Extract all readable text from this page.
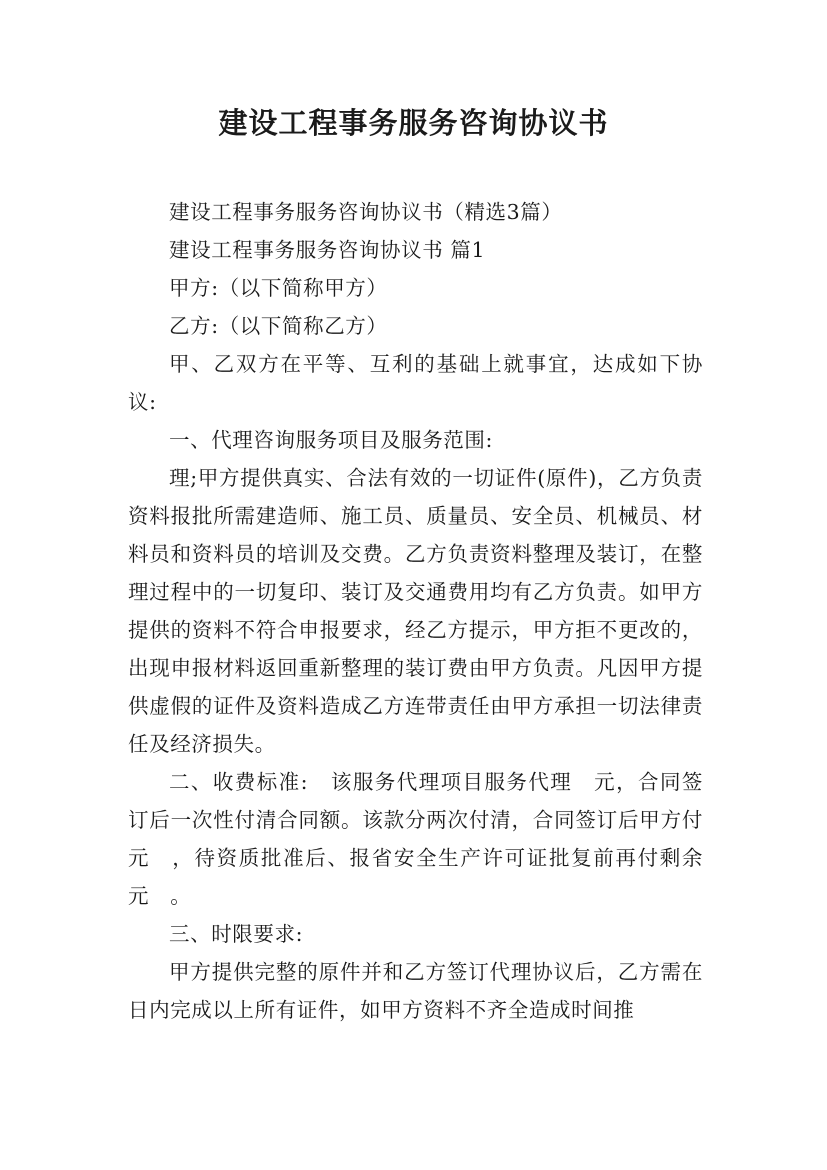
建设工程事务服务咨询协议书

建设工程事务服务咨询协议书（精选3篇）

建设工程事务服务咨询协议书 篇1

甲方:（以下简称甲方）

乙方:（以下简称乙方）

甲、乙双方在平等、互利的基础上就事宜，达成如下协议:

一、代理咨询服务项目及服务范围:

理;甲方提供真实、合法有效的一切证件(原件)，乙方负责资料报批所需建造师、施工员、质量员、安全员、机械员、材料员和资料员的培训及交费。乙方负责资料整理及装订，在整理过程中的一切复印、装订及交通费用均有乙方负责。如甲方提供的资料不符合申报要求，经乙方提示，甲方拒不更改的，出现申报材料返回重新整理的装订费由甲方负责。凡因甲方提供虚假的证件及资料造成乙方连带责任由甲方承担一切法律责任及经济损失。

二、收费标准:　该服务代理项目服务代理　元，合同签订后一次性付清合同额。该款分两次付清，合同签订后甲方付　元　，待资质批准后、报省安全生产许可证批复前再付剩余　元　。

三、时限要求:

甲方提供完整的原件并和乙方签订代理协议后，乙方需在　日内完成以上所有证件，如甲方资料不齐全造成时间推
